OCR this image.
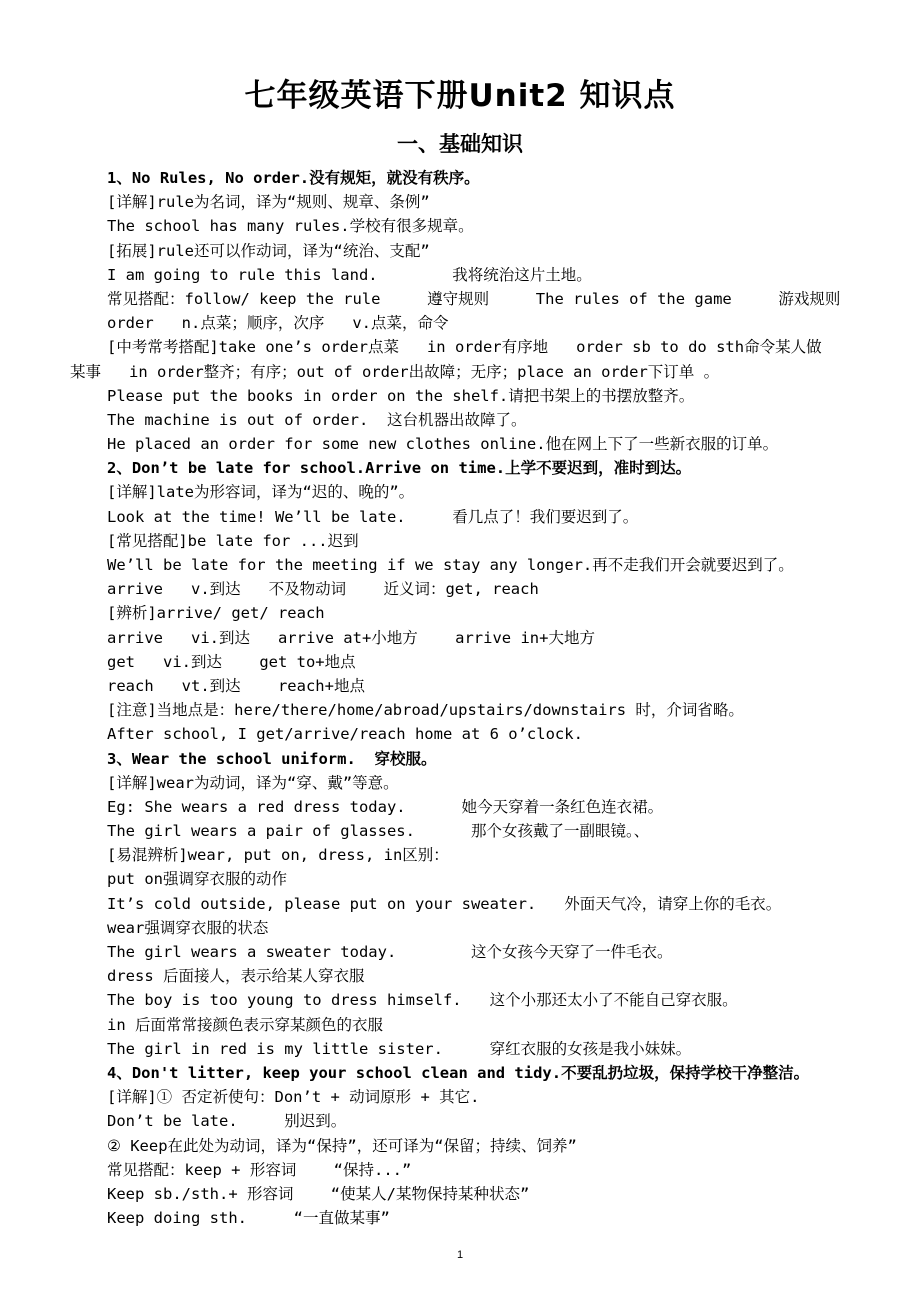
七年级英语下册Unit2 知识点
一、基础知识
1、No Rules, No order.没有规矩，就没有秩序。
[详解]rule为名词，译为“规则、规章、条例”
The school has many rules.学校有很多规章。
[拓展]rule还可以作动词，译为“统治、支配”
I am going to rule this land.        我将统治这片土地。
常见搭配：follow/ keep the rule     遵守规则     The rules of the game     游戏规则
order   n.点菜；顺序，次序   v.点菜，命令
[中考常考搭配]take one’s order点菜   in order有序地   order sb to do sth命令某人做
某事   in order整齐；有序；out of order出故障；无序；place an order下订单 。
Please put the books in order on the shelf.请把书架上的书摆放整齐。
The machine is out of order.  这台机器出故障了。
He placed an order for some new clothes online.他在网上下了一些新衣服的订单。
2、Don’t be late for school.Arrive on time.上学不要迟到，准时到达。
[详解]late为形容词，译为“迟的、晚的”。
Look at the time! We’ll be late.     看几点了！我们要迟到了。
[常见搭配]be late for ...迟到
We’ll be late for the meeting if we stay any longer.再不走我们开会就要迟到了。
arrive   v.到达   不及物动词    近义词：get, reach
[辨析]arrive/ get/ reach
arrive   vi.到达   arrive at+小地方    arrive in+大地方
get   vi.到达    get to+地点
reach   vt.到达    reach+地点
[注意]当地点是：here/there/home/abroad/upstairs/downstairs 时，介词省略。
After school, I get/arrive/reach home at 6 o’clock.
3、Wear the school uniform.  穿校服。
[详解]wear为动词，译为“穿、戴”等意。
Eg: She wears a red dress today.      她今天穿着一条红色连衣裙。
The girl wears a pair of glasses.      那个女孩戴了一副眼镜。、
[易混辨析]wear, put on, dress, in区别：
put on强调穿衣服的动作
It’s cold outside, please put on your sweater.   外面天气冷，请穿上你的毛衣。
wear强调穿衣服的状态
The girl wears a sweater today.        这个女孩今天穿了一件毛衣。
dress 后面接人，表示给某人穿衣服
The boy is too young to dress himself.   这个小那还太小了不能自己穿衣服。
in 后面常常接颜色表示穿某颜色的衣服
The girl in red is my little sister.     穿红衣服的女孩是我小妹妹。
4、Don't litter, keep your school clean and tidy.不要乱扔垃圾，保持学校干净整洁。
[详解]① 否定祈使句：Don’t + 动词原形 + 其它.
Don’t be late.     别迟到。
② Keep在此处为动词，译为“保持”，还可译为“保留；持续、饲养”
常见搭配：keep + 形容词    “保持...”
Keep sb./sth.+ 形容词    “使某人/某物保持某种状态”
Keep doing sth.     “一直做某事”
1
